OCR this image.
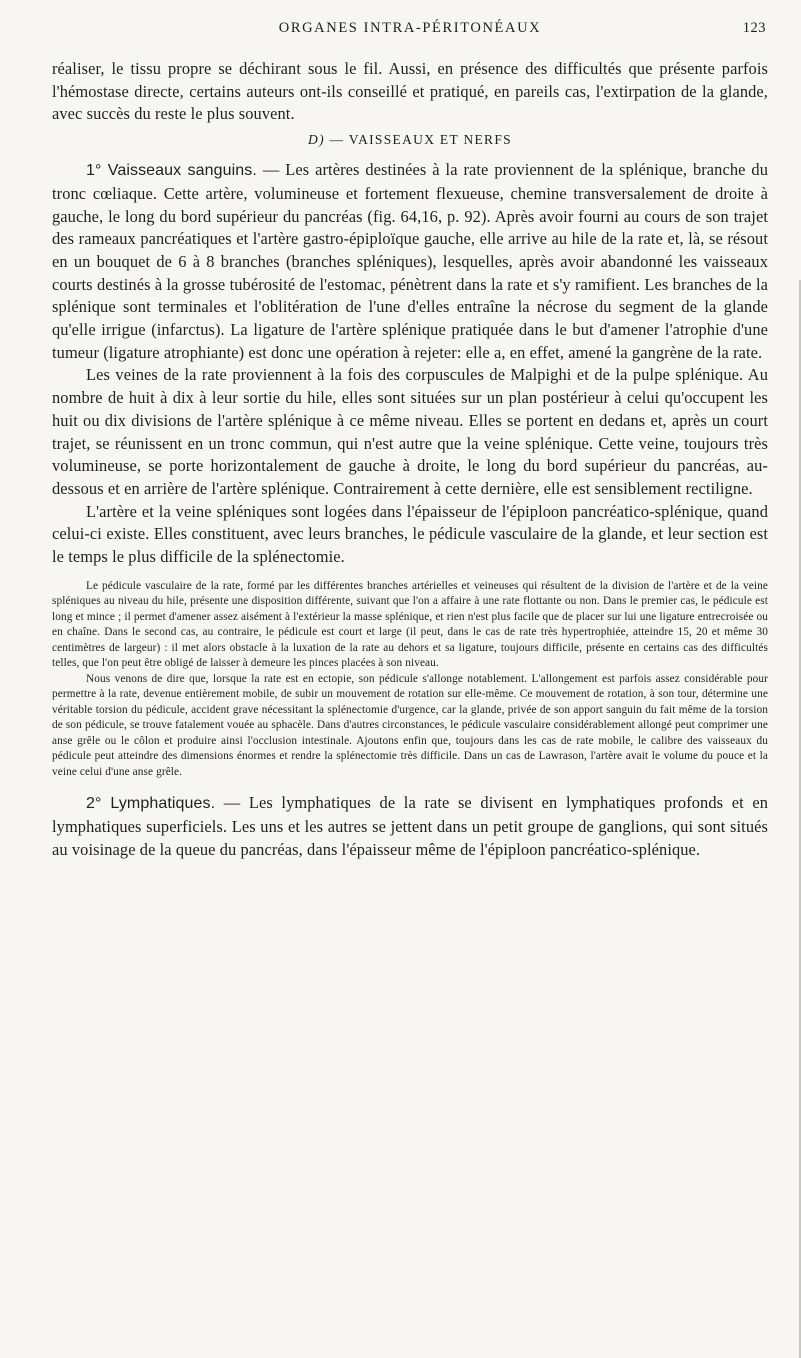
ORGANES INTRA-PÉRITONÉAUX	123

réaliser, le tissu propre se déchirant sous le fil. Aussi, en présence des difficultés que présente parfois l'hémostase directe, certains auteurs ont-ils conseillé et pratiqué, en pareils cas, l'extirpation de la glande, avec succès du reste le plus souvent.

D) — VAISSEAUX ET NERFS

1° Vaisseaux sanguins. — Les artères destinées à la rate proviennent de la splénique, branche du tronc cœliaque. Cette artère, volumineuse et fortement flexueuse, chemine transversalement de droite à gauche, le long du bord supérieur du pancréas (fig. 64,16, p. 92). Après avoir fourni au cours de son trajet des rameaux pancréatiques et l'artère gastro-épiploïque gauche, elle arrive au hile de la rate et, là, se résout en un bouquet de 6 à 8 branches (branches spléniques), lesquelles, après avoir abandonné les vaisseaux courts destinés à la grosse tubérosité de l'estomac, pénètrent dans la rate et s'y ramifient. Les branches de la splénique sont terminales et l'oblitération de l'une d'elles entraîne la nécrose du segment de la glande qu'elle irrigue (infarctus). La ligature de l'artère splénique pratiquée dans le but d'amener l'atrophie d'une tumeur (ligature atrophiante) est donc une opération à rejeter: elle a, en effet, amené la gangrène de la rate.

Les veines de la rate proviennent à la fois des corpuscules de Malpighi et de la pulpe splénique. Au nombre de huit à dix à leur sortie du hile, elles sont situées sur un plan postérieur à celui qu'occupent les huit ou dix divisions de l'artère splénique à ce même niveau. Elles se portent en dedans et, après un court trajet, se réunissent en un tronc commun, qui n'est autre que la veine splénique. Cette veine, toujours très volumineuse, se porte horizontalement de gauche à droite, le long du bord supérieur du pancréas, au-dessous et en arrière de l'artère splénique. Contrairement à cette dernière, elle est sensiblement rectiligne.

L'artère et la veine spléniques sont logées dans l'épaisseur de l'épiploon pancréatico-splénique, quand celui-ci existe. Elles constituent, avec leurs branches, le pédicule vasculaire de la glande, et leur section est le temps le plus difficile de la splénectomie.

Le pédicule vasculaire de la rate, formé par les différentes branches artérielles et veineuses qui résultent de la division de l'artère et de la veine spléniques au niveau du hile, présente une disposition différente, suivant que l'on a affaire à une rate flottante ou non. Dans le premier cas, le pédicule est long et mince ; il permet d'amener assez aisément à l'extérieur la masse splénique, et rien n'est plus facile que de placer sur lui une ligature entrecroisée ou en chaîne. Dans le second cas, au contraire, le pédicule est court et large (il peut, dans le cas de rate très hypertrophiée, atteindre 15, 20 et même 30 centimètres de largeur) : il met alors obstacle à la luxation de la rate au dehors et sa ligature, toujours difficile, présente en certains cas des difficultés telles, que l'on peut être obligé de laisser à demeure les pinces placées à son niveau.

Nous venons de dire que, lorsque la rate est en ectopie, son pédicule s'allonge notablement. L'allongement est parfois assez considérable pour permettre à la rate, devenue entièrement mobile, de subir un mouvement de rotation sur elle-même. Ce mouvement de rotation, à son tour, détermine une véritable torsion du pédicule, accident grave nécessitant la splénectomie d'urgence, car la glande, privée de son apport sanguin du fait même de la torsion de son pédicule, se trouve fatalement vouée au sphacèle. Dans d'autres circonstances, le pédicule vasculaire considérablement allongé peut comprimer une anse grêle ou le côlon et produire ainsi l'occlusion intestinale. Ajoutons enfin que, toujours dans les cas de rate mobile, le calibre des vaisseaux du pédicule peut atteindre des dimensions énormes et rendre la splénectomie très difficile. Dans un cas de Lawrason, l'artère avait le volume du pouce et la veine celui d'une anse grêle.

2° Lymphatiques. — Les lymphatiques de la rate se divisent en lymphatiques profonds et en lymphatiques superficiels. Les uns et les autres se jettent dans un petit groupe de ganglions, qui sont situés au voisinage de la queue du pancréas, dans l'épaisseur même de l'épiploon pancréatico-splénique.
